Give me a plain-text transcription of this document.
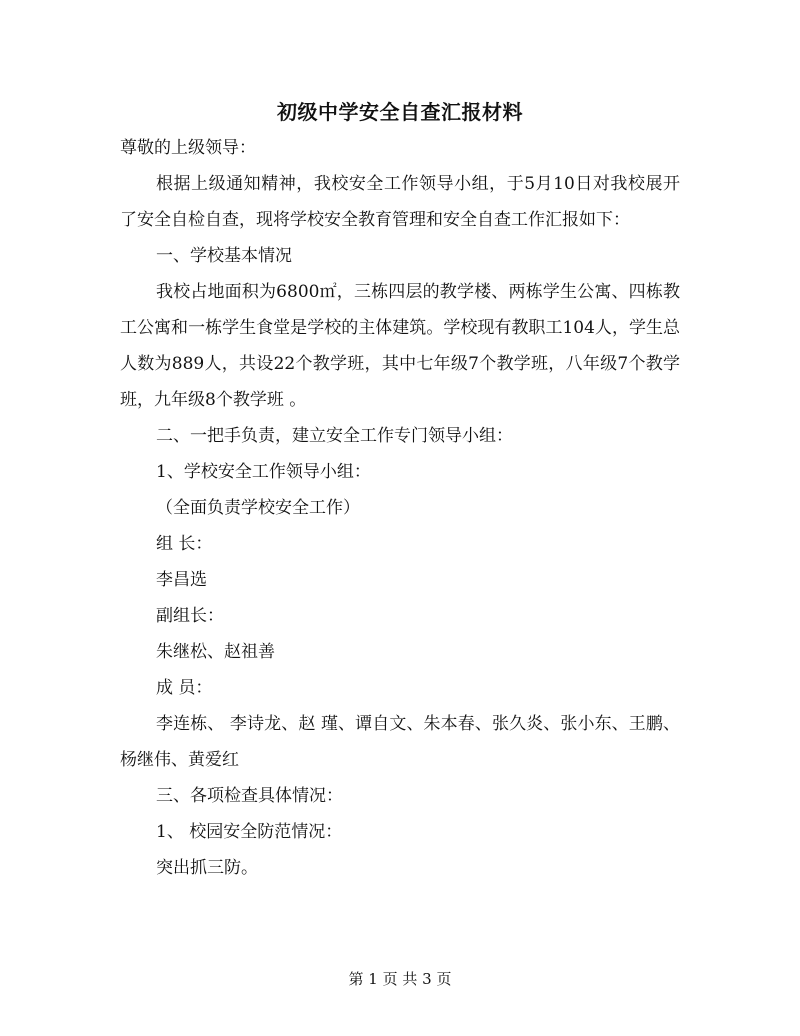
初级中学安全自查汇报材料

尊敬的上级领导：

根据上级通知精神，我校安全工作领导小组，于5月10日对我校展开了安全自检自查，现将学校安全教育管理和安全自查工作汇报如下：

一、学校基本情况

我校占地面积为6800㎡，三栋四层的教学楼、两栋学生公寓、四栋教工公寓和一栋学生食堂是学校的主体建筑。学校现有教职工104人，学生总人数为889人，共设22个教学班，其中七年级7个教学班，八年级7个教学班，九年级8个教学班 。

二、一把手负责，建立安全工作专门领导小组：

1、学校安全工作领导小组：

（全面负责学校安全工作）

组 长：

李昌选

副组长：

朱继松、赵祖善

成 员：

李连栋、 李诗龙、赵 瑾、谭自文、朱本春、张久炎、张小东、王鹏、杨继伟、黄爱红

三、各项检查具体情况：

1、 校园安全防范情况：

突出抓三防。

第 1 页 共 3 页
